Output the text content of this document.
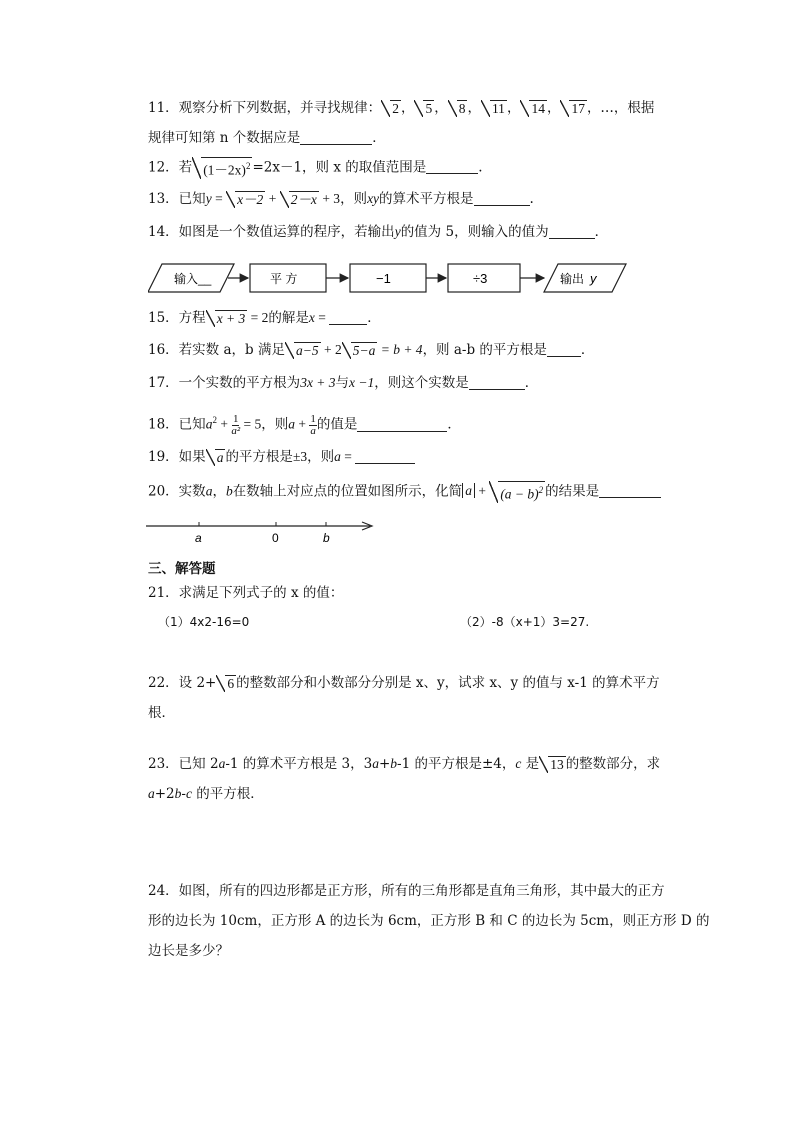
11．观察分析下列数据，并寻找规律： 2 ， 5 ， 8 ， 11 ， 14 ， 17 ，…，根据
规律可知第 n 个数据应是	．
12．若 $(1-2x)^2 =2x-1$，则 x 的取值范围是	.
13．已知y = x－2 + 2－x + 3，则xy的算术平方根是	.
14．如图是一个数值运算的程序，若输出y的值为 5，则输入的值为	．
输入__	平 方	−1	÷3	输出 y
15．方程 x + 3 = 2的解是x =	．
16．若实数 a，b 满足 a−5 + 2 5−a = b + 4，则 a-b 的平方根是	．
17．一个实数的平方根为3x + 3与x −1，则这个实数是	．
18．已知$a^2 + \frac{1}{\text{a²}} = 5$，则$a + \frac{1}{a}$ 的值是	．
19．如果 a 的平方根是±3，则a =
20．实数a，b在数轴上对应点的位置如图所示，化简 $a + (a - b)^2$ 的结果是
a	0	b
三、解答题
21．求满足下列式子的 x 的值：
（1）4x2-16=0	（2）-8（x+1）3=27.
22．设 2+ 6 的整数部分和小数部分分别是 x、y，试求 x、y 的值与 x-1 的算术平方
根．
23．已知 2a-1 的算术平方根是 3，3a+b-1 的平方根是±4，c 是 13 的整数部分，求
a+2b-c 的平方根．
24．如图，所有的四边形都是正方形，所有的三角形都是直角三角形，其中最大的正方
形的边长为 10cm，正方形 A 的边长为 6cm，正方形 B 和 C 的边长为 5cm，则正方形 D 的
边长是多少？
